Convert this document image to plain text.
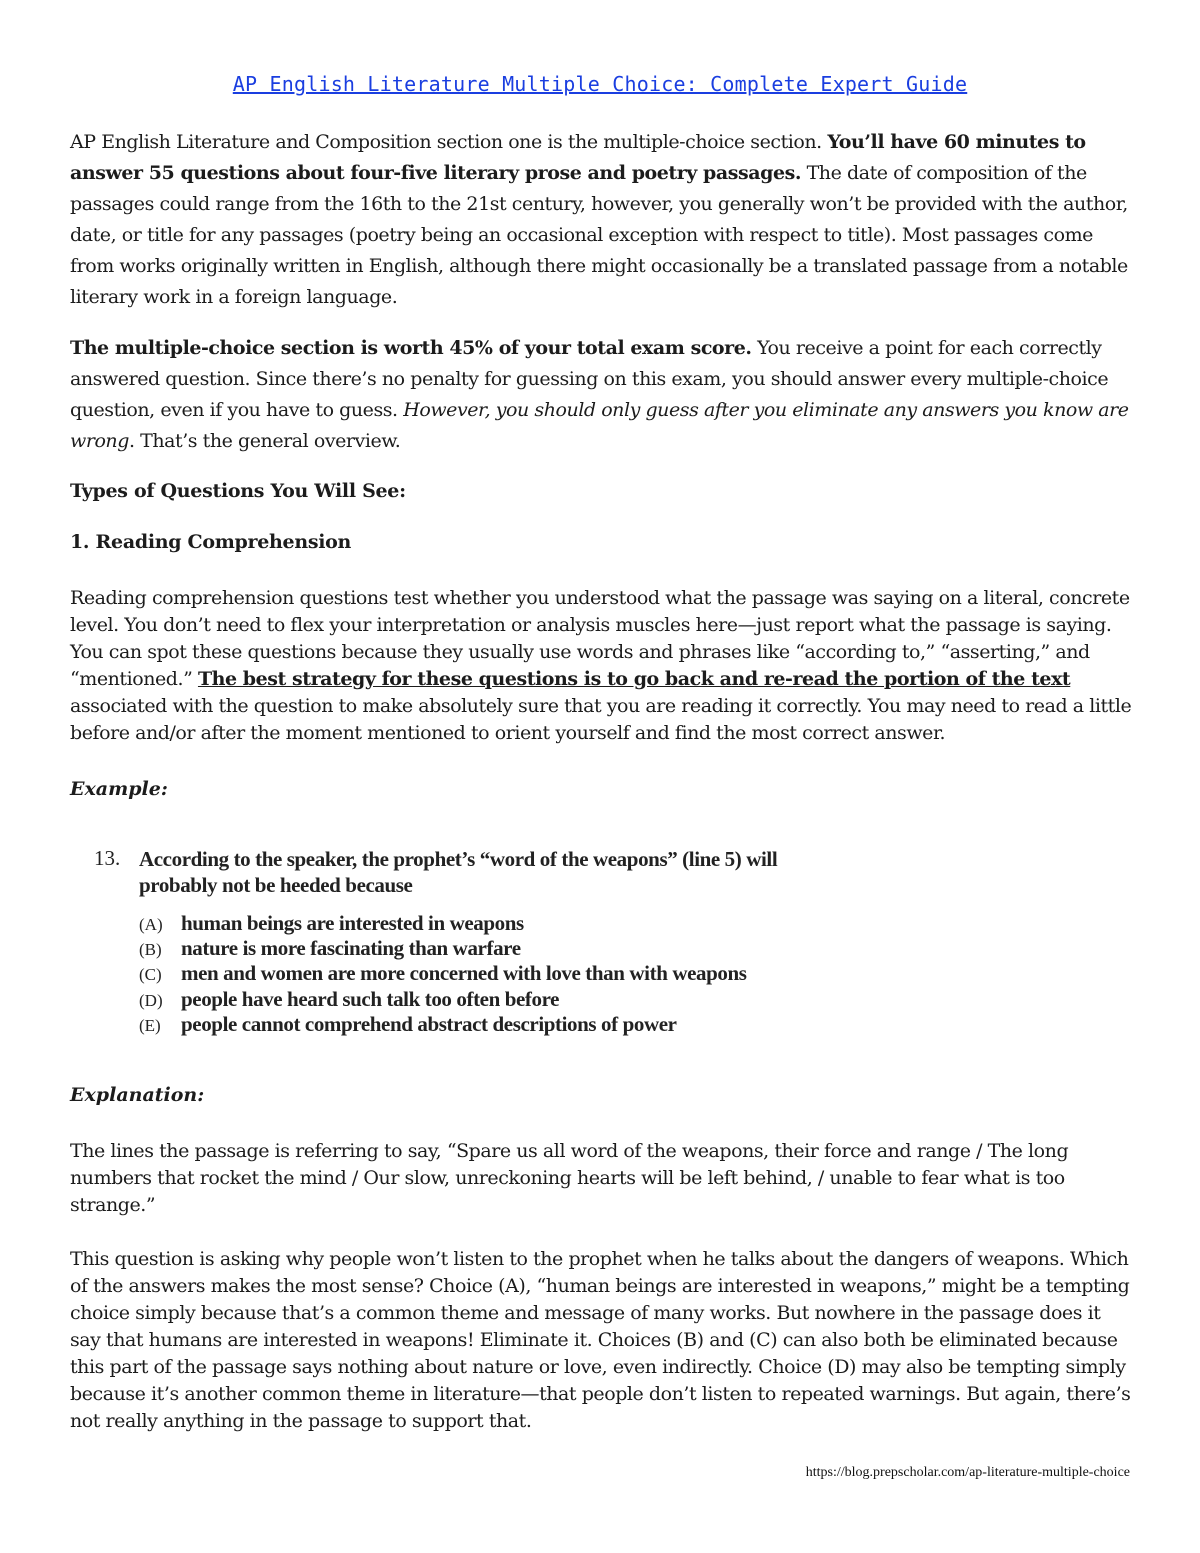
AP English Literature Multiple Choice: Complete Expert Guide
AP English Literature and Composition section one is the multiple-choice section. You’ll have 60 minutes to answer 55 questions about four-five literary prose and poetry passages. The date of composition of the passages could range from the 16th to the 21st century, however, you generally won’t be provided with the author, date, or title for any passages (poetry being an occasional exception with respect to title). Most passages come from works originally written in English, although there might occasionally be a translated passage from a notable literary work in a foreign language.
The multiple-choice section is worth 45% of your total exam score. You receive a point for each correctly answered question. Since there’s no penalty for guessing on this exam, you should answer every multiple-choice question, even if you have to guess. However, you should only guess after you eliminate any answers you know are wrong. That’s the general overview.
Types of Questions You Will See:
1. Reading Comprehension
Reading comprehension questions test whether you understood what the passage was saying on a literal, concrete level. You don’t need to flex your interpretation or analysis muscles here—just report what the passage is saying. You can spot these questions because they usually use words and phrases like “according to,” “asserting,” and “mentioned.” The best strategy for these questions is to go back and re-read the portion of the text associated with the question to make absolutely sure that you are reading it correctly. You may need to read a little before and/or after the moment mentioned to orient yourself and find the most correct answer.
Example:
13. According to the speaker, the prophet’s “word of the weapons” (line 5) will probably not be heeded because
(A) human beings are interested in weapons
(B) nature is more fascinating than warfare
(C) men and women are more concerned with love than with weapons
(D) people have heard such talk too often before
(E) people cannot comprehend abstract descriptions of power
Explanation:
The lines the passage is referring to say, “Spare us all word of the weapons, their force and range / The long numbers that rocket the mind / Our slow, unreckoning hearts will be left behind, / unable to fear what is too strange.”
This question is asking why people won’t listen to the prophet when he talks about the dangers of weapons. Which of the answers makes the most sense? Choice (A), “human beings are interested in weapons,” might be a tempting choice simply because that’s a common theme and message of many works. But nowhere in the passage does it say that humans are interested in weapons! Eliminate it. Choices (B) and (C) can also both be eliminated because this part of the passage says nothing about nature or love, even indirectly. Choice (D) may also be tempting simply because it’s another common theme in literature—that people don’t listen to repeated warnings. But again, there’s not really anything in the passage to support that.
https://blog.prepscholar.com/ap-literature-multiple-choice
